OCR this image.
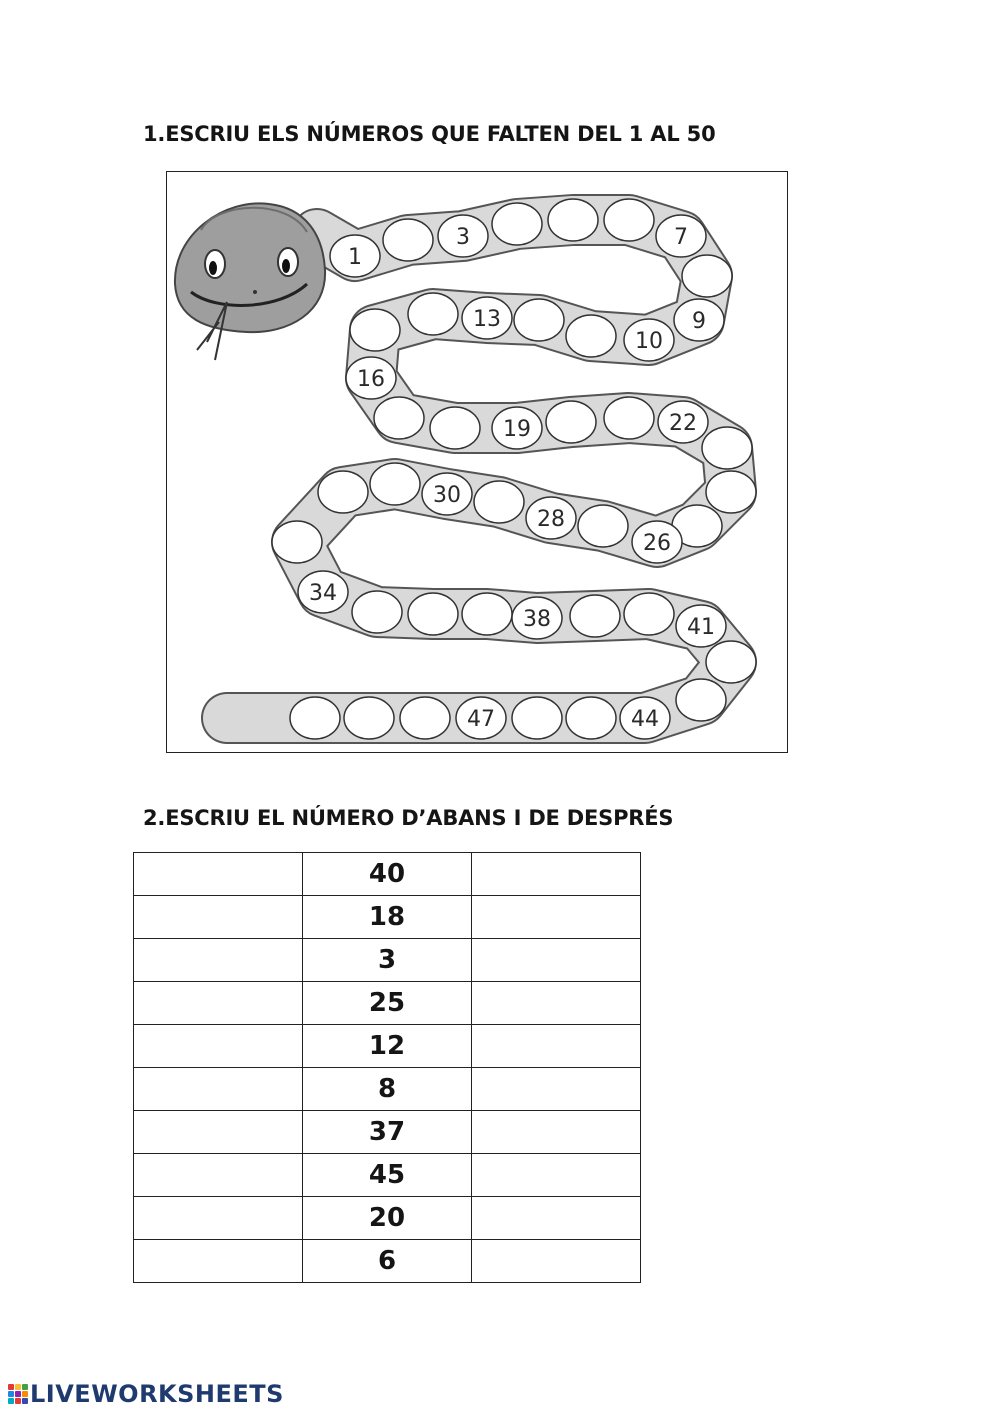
1.ESCRIU ELS NÚMEROS QUE FALTEN DEL 1 AL 50
1
3	7
9
10
13
16
19	22
26
28
30
34
38	41
44
47
2.ESCRIU EL NÚMERO D’ABANS I DE DESPRÉS
	40	
	18	
	3	
	25	
	12	
	8	
	37	
	45	
	20	
	6	
LIVEWORKSHEETS
